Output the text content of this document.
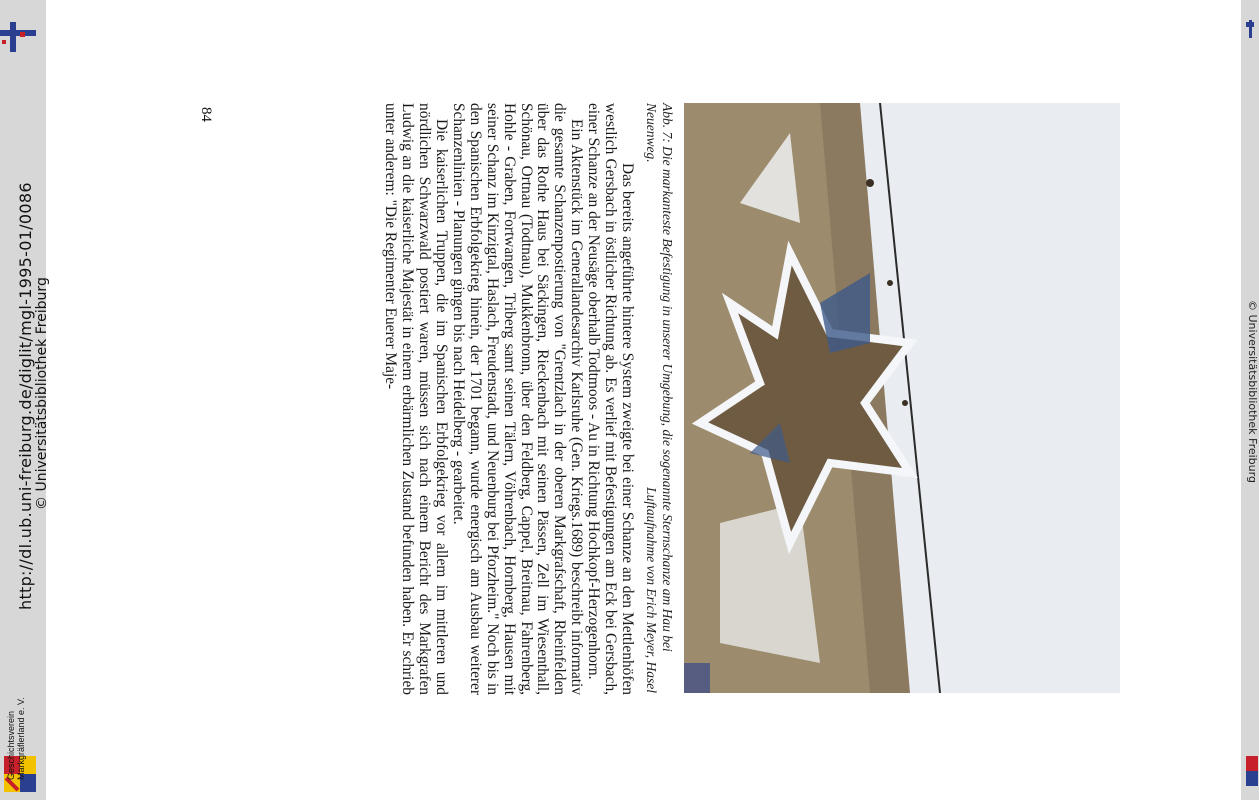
Geschichtsverein Markgräflerland e. V.
http://dl.ub.uni-freiburg.de/diglit/mgl-1995-01/0086 © Universitätsbibliothek Freiburg	© Universitätsbibliothek Freiburg
Abb. 7: Die markanteste Befestigung in unserer Umgebung, die sogenannte Sternschanze am Hau bei Neuenweg.
Luftaufnahme von Erich Meyer, Hasel

Das bereits angeführte hintere System zweigte bei einer Schanze an den Mettlenhöfen westlich Gersbach in östlicher Richtung ab. Es verlief mit Befestigungen am Eck bei Gersbach, einer Schanze an der Neusäge oberhalb Todtmoos - Au in Richtung Hochkopf-Herzogenhorn.

Ein Aktenstück im Generallandesarchiv Karlsruhe (Gen. Kriegs.1689) beschreibt informativ die gesamte Schanzenpostierung von "Grentzlach in der oberen Markgrafschaft, Rheinfelden über das Rothe Haus bei Säckingen, Rieckenbach mit seinen Pässen, Zell im Wiesenthall, Schönau, Ortnau (Todtnau), Mukkenbronn, über den Feldberg, Cappel, Breitnau, Fahrenberg, Hohle - Graben, Fortwangen, Triberg samt seinen Tälern, Vöhrenbach, Hornberg, Hausen mit seiner Schanz im Kinzigtal, Haslach, Freudenstadt, und Neuenburg bei Pforzheim." Noch bis in den Spanischen Erbfolgekrieg hinein, der 1701 begann, wurde energisch am Ausbau weiterer Schanzenlinien - Planungen gingen bis nach Heidelberg - gearbeitet.

Die kaiserlichen Truppen, die im Spanischen Erbfolgekrieg vor allem im mittleren und nördlichen Schwarzwald postiert waren, müssen sich nach einem Bericht des Markgrafen Ludwig an die kaiserliche Majestät in einem erbärmlichen Zustand befunden haben. Er schrieb unter anderem: "Die Regimenter Euerer Maje-

84
